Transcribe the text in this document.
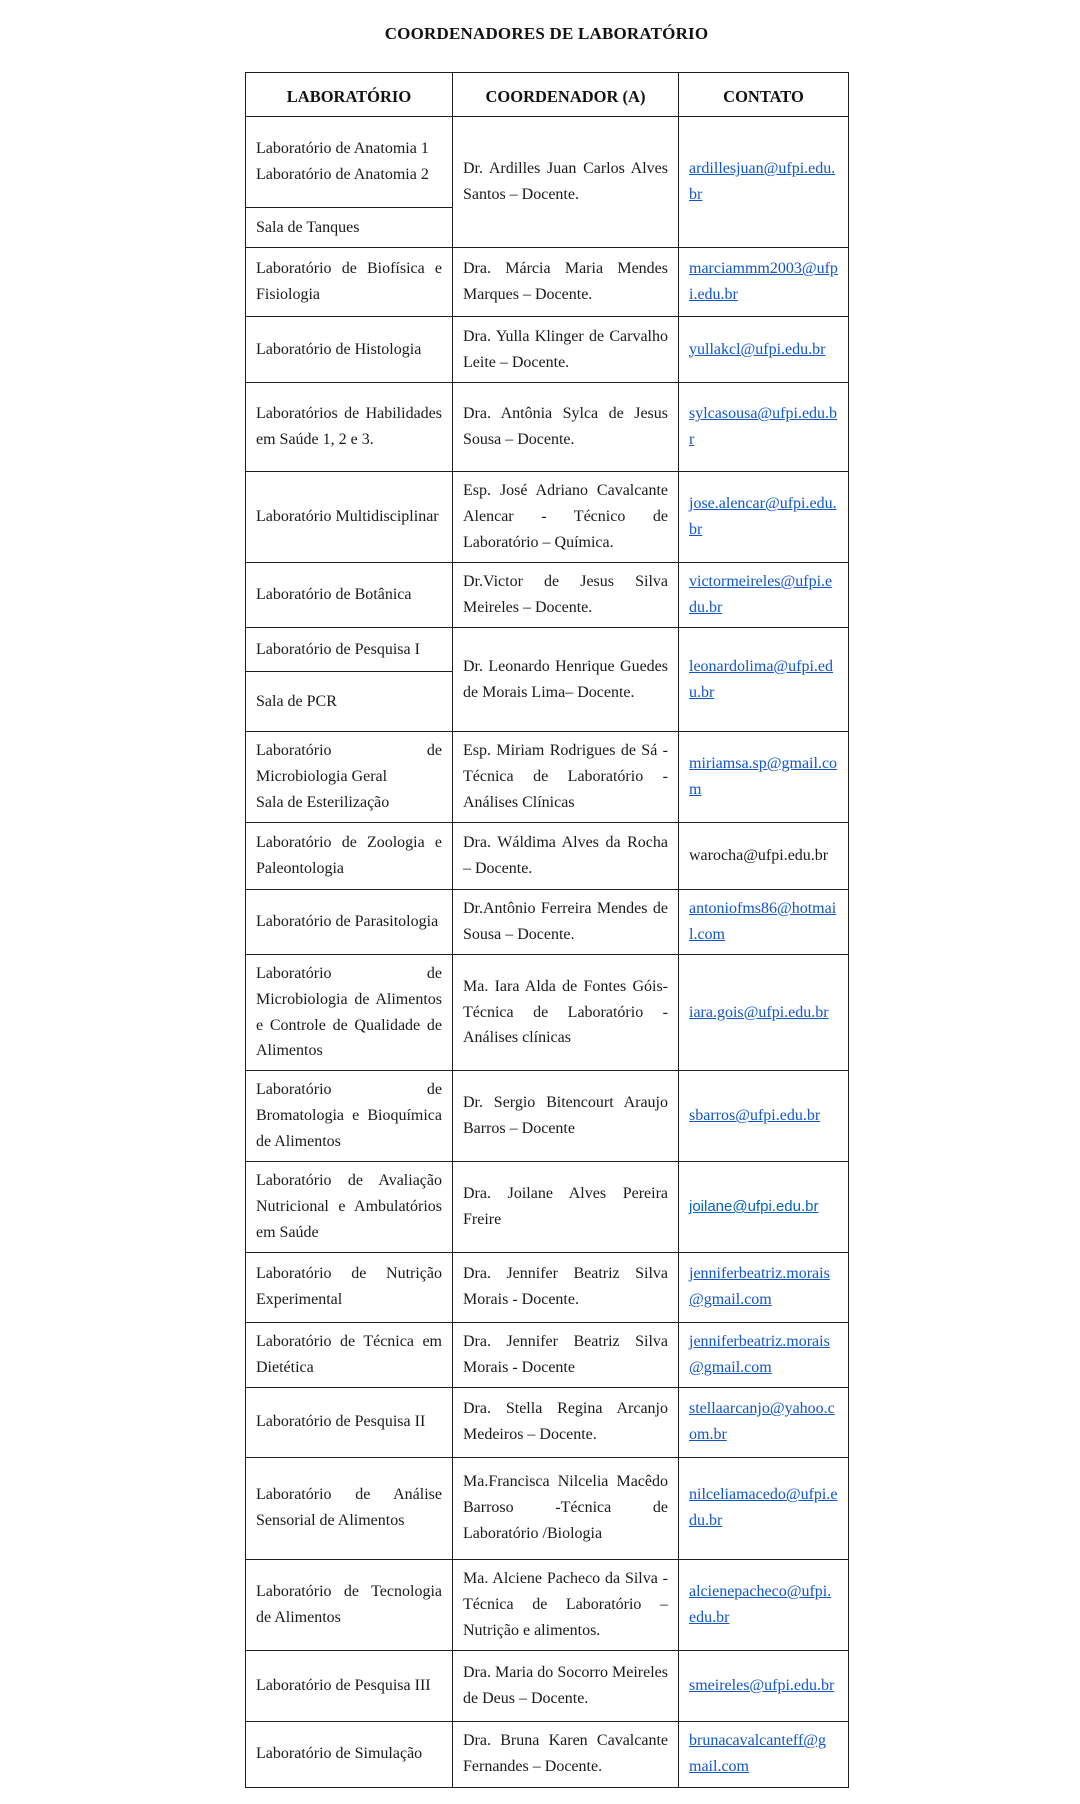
COORDENADORES DE LABORATÓRIO
LABORATÓRIO	COORDENADOR (A)	CONTATO

Laboratório de Anatomia 1
Laboratório de Anatomia 2	Dr. Ardilles Juan Carlos Alves Santos – Docente.	ardillesjuan@ufpi.edu.br

Sala de Tanques		

Laboratório de Biofísica e Fisiologia	Dra. Márcia Maria Mendes Marques – Docente.	marciammm2003@ufpi.edu.br

Laboratório de Histologia	Dra. Yulla Klinger de Carvalho Leite – Docente.	yullakcl@ufpi.edu.br

Laboratórios de Habilidades em Saúde 1, 2 e 3.	Dra. Antônia Sylca de Jesus Sousa – Docente.	sylcasousa@ufpi.edu.br

Laboratório Multidisciplinar	Esp. José Adriano Cavalcante Alencar - Técnico de Laboratório – Química.	jose.alencar@ufpi.edu.br

Laboratório de Botânica	Dr.Victor de Jesus Silva Meireles – Docente.	victormeireles@ufpi.edu.br

Laboratório de Pesquisa I	Dr. Leonardo Henrique Guedes de Morais Lima– Docente.	leonardolima@ufpi.edu.br

Sala de PCR		

Laboratório de Microbiologia Geral
Sala de Esterilização	Esp. Miriam Rodrigues de Sá - Técnica de Laboratório - Análises Clínicas	miriamsa.sp@gmail.com

Laboratório de Zoologia e Paleontologia	Dra. Wáldima Alves da Rocha – Docente.	warocha@ufpi.edu.br

Laboratório de Parasitologia	Dr.Antônio Ferreira Mendes de Sousa – Docente.	antoniofms86@hotmail.com

Laboratório de Microbiologia de Alimentos e Controle de Qualidade de Alimentos	Ma. Iara Alda de Fontes Góis- Técnica de Laboratório - Análises clínicas	iara.gois@ufpi.edu.br

Laboratório de Bromatologia e Bioquímica de Alimentos	Dr. Sergio Bitencourt Araujo Barros – Docente	sbarros@ufpi.edu.br

Laboratório de Avaliação Nutricional e Ambulatórios em Saúde	Dra. Joilane Alves Pereira Freire	joilane@ufpi.edu.br

Laboratório de Nutrição Experimental	Dra. Jennifer Beatriz Silva Morais - Docente.	jenniferbeatriz.morais@gmail.com

Laboratório de Técnica em Dietética	Dra. Jennifer Beatriz Silva Morais - Docente	jenniferbeatriz.morais@gmail.com

Laboratório de Pesquisa II	Dra. Stella Regina Arcanjo Medeiros – Docente.	stellaarcanjo@yahoo.com.br

Laboratório de Análise Sensorial de Alimentos	Ma.Francisca Nilcelia Macêdo Barroso -Técnica de Laboratório /Biologia	nilceliamacedo@ufpi.edu.br

Laboratório de Tecnologia de Alimentos	Ma. Alciene Pacheco da Silva - Técnica de Laboratório – Nutrição e alimentos.	alcienepacheco@ufpi.edu.br

Laboratório de Pesquisa III	Dra. Maria do Socorro Meireles de Deus – Docente.	smeireles@ufpi.edu.br

Laboratório de Simulação	Dra. Bruna Karen Cavalcante Fernandes – Docente.	brunacavalcanteff@gmail.com
